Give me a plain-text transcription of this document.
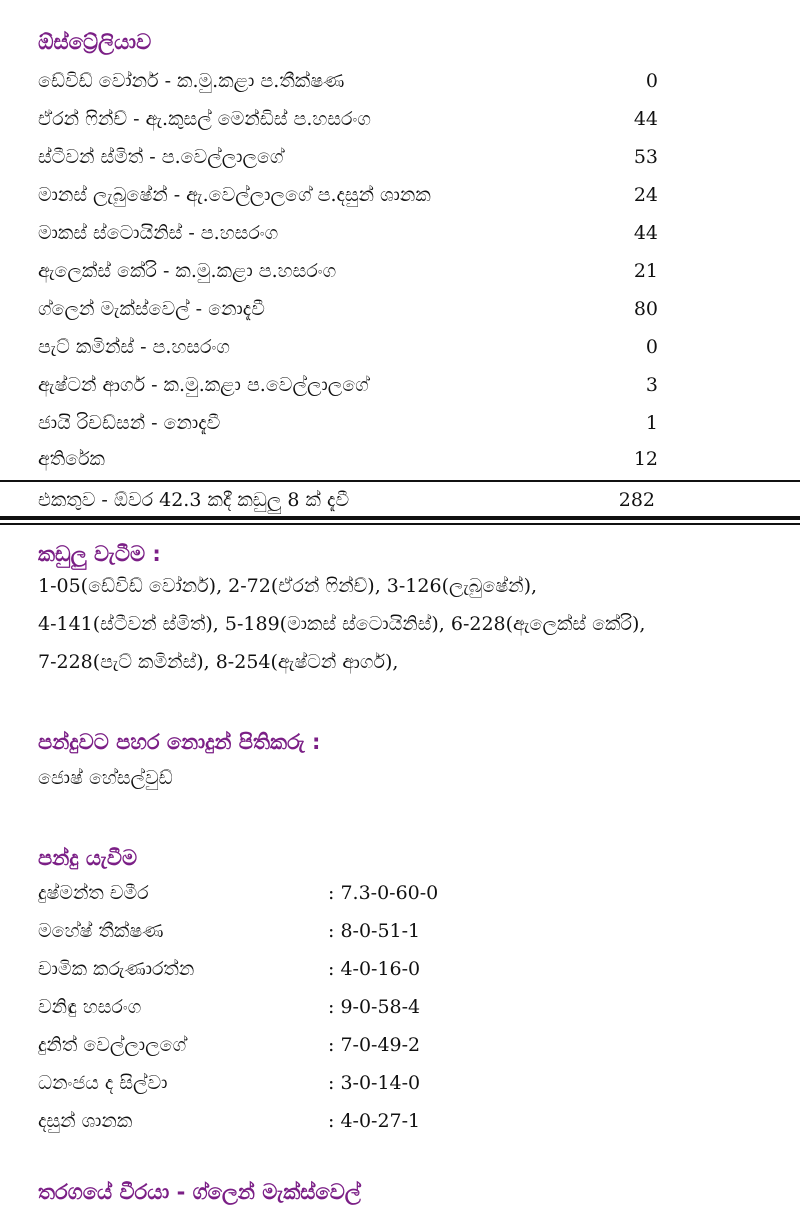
ඕස්ට්‍රේලියාව
ඩේවිඩ් වෝනර් - ක.මු.කළා ප.තීක්ෂණ	0
ඒරන් ෆින්ච් - ඇ.කුසල් මෙන්ඩිස් ප.හසරංග	44
ස්ටීවන් ස්මිත් - ප.වෙල්ලාලගේ	53
මානස් ලැබුෂේන් - ඇ.වෙල්ලාලගේ ප.දසුන් ශානක	24
මාකස් ස්ටොයිනිස් - ප.හසරංග	44
ඇලෙක්ස් කේරි - ක.මු.කළා ප.හසරංග	21
ග්ලෙන් මැක්ස්වෙල් - නොදැවී	80
පැට් කමින්ස් - ප.හසරංග	0
ඇෂ්ටන් ආගර් - ක.මු.කළා ප.වෙල්ලාලගේ	3
ජායි රිචඩ්සන් - නොදැවී	1
අතිරේක	12
එකතුව - ඕවර 42.3 කදී කඩුලු 8 ක් දැවී	282
කඩුලු වැටීම :
1-05(ඩේවිඩ් වෝනර්), 2-72(ඒරන් ෆින්ච්), 3-126(ලැබුෂේන්),
4-141(ස්ටීවන් ස්මිත්), 5-189(මාකස් ස්ටොයිනිස්), 6-228(ඇලෙක්ස් කේරි),
7-228(පැට් කමින්ස්), 8-254(ඇෂ්ටන් ආගර්),
පන්දුවට පහර නොදුන් පිතිකරු :
ජොෂ් හේසල්වුඩ්
පන්දු යැවීම
දුෂ්මන්ත චමීර	: 7.3-0-60-0
මහේෂ් තීක්ෂණ	: 8-0-51-1
චාමික කරුණාරත්න	: 4-0-16-0
වනිඳු හසරංග	: 9-0-58-4
දුනිත් වෙල්ලාලගේ	: 7-0-49-2
ධනංජය ද සිල්වා	: 3-0-14-0
දසුන් ශානක	: 4-0-27-1
තරගයේ වීරයා - ග්ලෙන් මැක්ස්වෙල්
